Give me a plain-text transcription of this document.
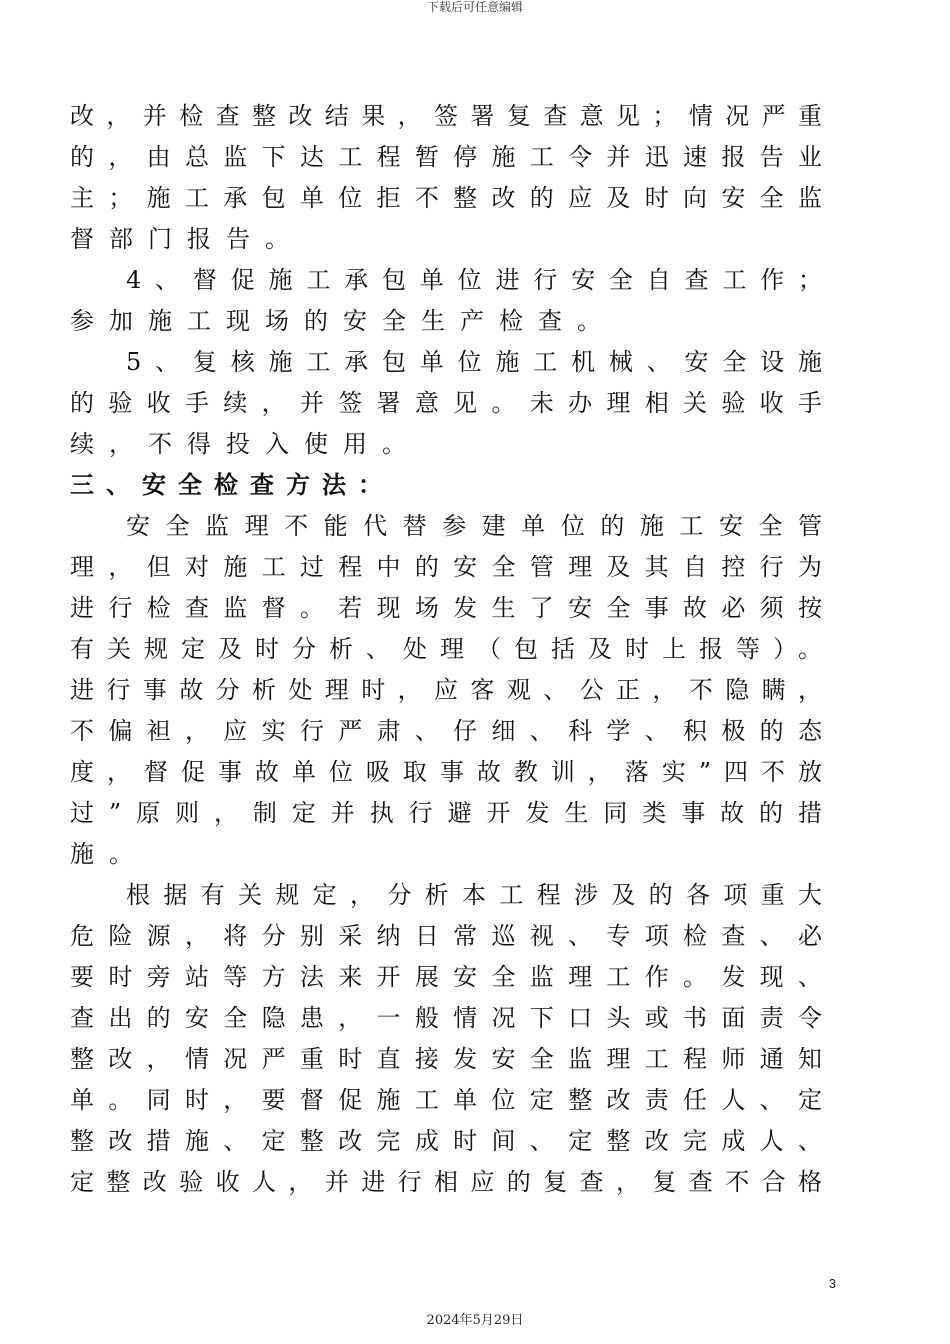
下载后可任意编辑
改，并检查整改结果，签署复查意见；情况严重
的，由总监下达工程暂停施工令并迅速报告业
主；施工承包单位拒不整改的应及时向安全监
督部门报告。
4、督促施工承包单位进行安全自查工作；
参加施工现场的安全生产检查。
5、复核施工承包单位施工机械、安全设施
的验收手续，并签署意见。未办理相关验收手
续，不得投入使用。
三、安全检查方法：
安全监理不能代替参建单位的施工安全管
理，但对施工过程中的安全管理及其自控行为
进行检查监督。若现场发生了安全事故必须按
有关规定及时分析、处理（包括及时上报等）。
进行事故分析处理时，应客观、公正，不隐瞒，
不偏袒，应实行严肃、仔细、科学、积极的态
度，督促事故单位吸取事故教训，落实”四不放
过”原则，制定并执行避开发生同类事故的措
施。
根据有关规定，分析本工程涉及的各项重大
危险源，将分别采纳日常巡视、专项检查、必
要时旁站等方法来开展安全监理工作。发现、
查出的安全隐患，一般情况下口头或书面责令
整改，情况严重时直接发安全监理工程师通知
单。同时，要督促施工单位定整改责任人、定
整改措施、定整改完成时间、定整改完成人、
定整改验收人，并进行相应的复查，复查不合格
3
2024年5月29日
